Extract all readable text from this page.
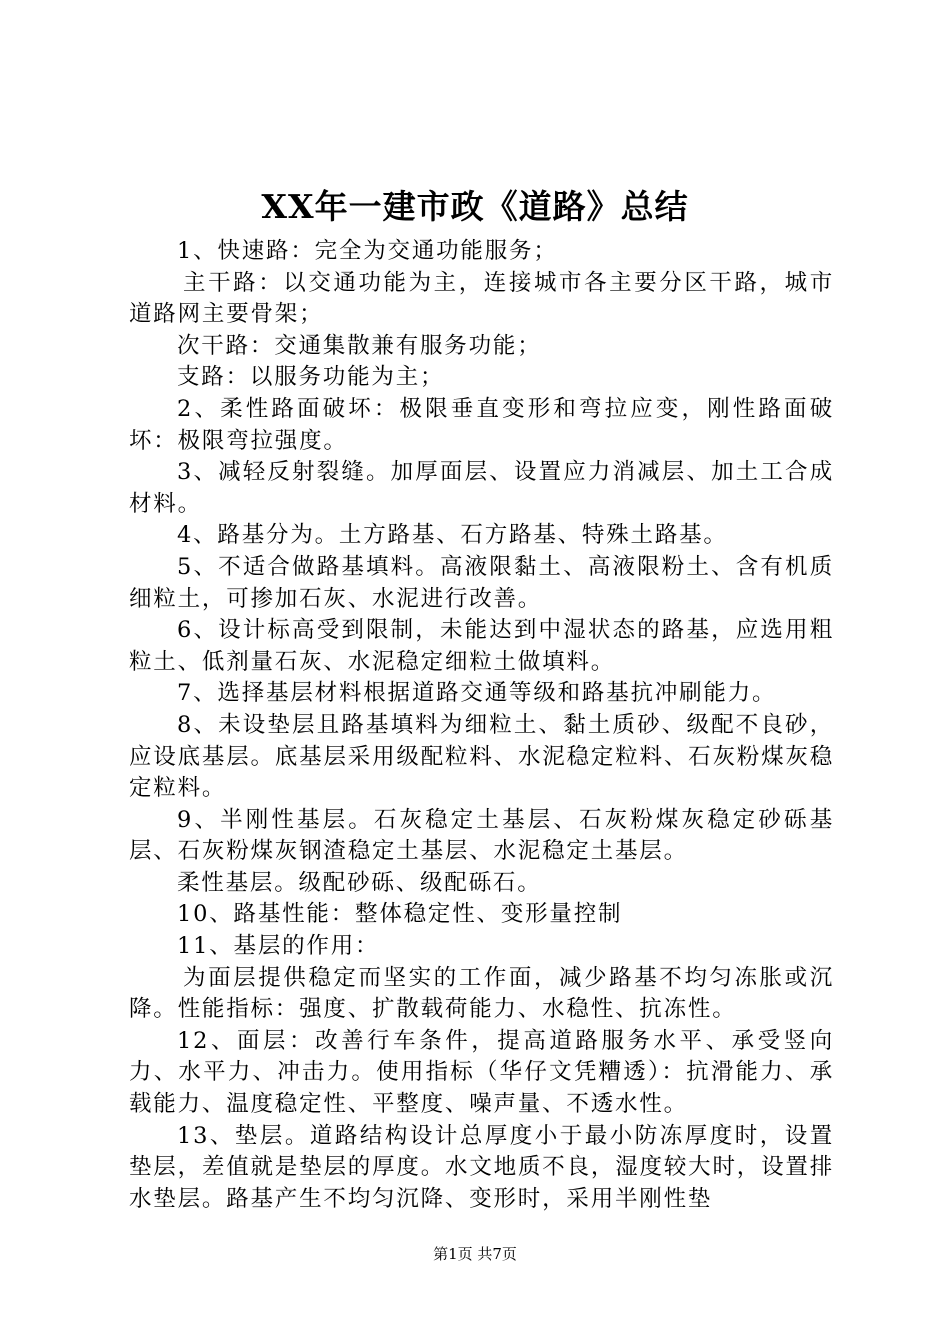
XX年一建市政《道路》总结

1、快速路：完全为交通功能服务；

主干路：以交通功能为主，连接城市各主要分区干路，城市道路网主要骨架；

次干路：交通集散兼有服务功能；

支路：以服务功能为主；

2、柔性路面破坏：极限垂直变形和弯拉应变，刚性路面破坏：极限弯拉强度。

3、减轻反射裂缝。加厚面层、设置应力消减层、加土工合成材料。

4、路基分为。土方路基、石方路基、特殊土路基。

5、不适合做路基填料。高液限黏土、高液限粉土、含有机质细粒土，可掺加石灰、水泥进行改善。

6、设计标高受到限制，未能达到中湿状态的路基，应选用粗粒土、低剂量石灰、水泥稳定细粒土做填料。

7、选择基层材料根据道路交通等级和路基抗冲刷能力。

8、未设垫层且路基填料为细粒土、黏土质砂、级配不良砂，应设底基层。底基层采用级配粒料、水泥稳定粒料、石灰粉煤灰稳定粒料。

9、半刚性基层。石灰稳定土基层、石灰粉煤灰稳定砂砾基层、石灰粉煤灰钢渣稳定土基层、水泥稳定土基层。

柔性基层。级配砂砾、级配砾石。

10、路基性能：整体稳定性、变形量控制

11、基层的作用：

为面层提供稳定而坚实的工作面，减少路基不均匀冻胀或沉降。性能指标：强度、扩散载荷能力、水稳性、抗冻性。

12、面层：改善行车条件，提高道路服务水平、承受竖向力、水平力、冲击力。使用指标（华仔文凭糟透）：抗滑能力、承载能力、温度稳定性、平整度、噪声量、不透水性。

13、垫层。道路结构设计总厚度小于最小防冻厚度时，设置垫层，差值就是垫层的厚度。水文地质不良，湿度较大时，设置排水垫层。路基产生不均匀沉降、变形时，采用半刚性垫

第1页 共7页
